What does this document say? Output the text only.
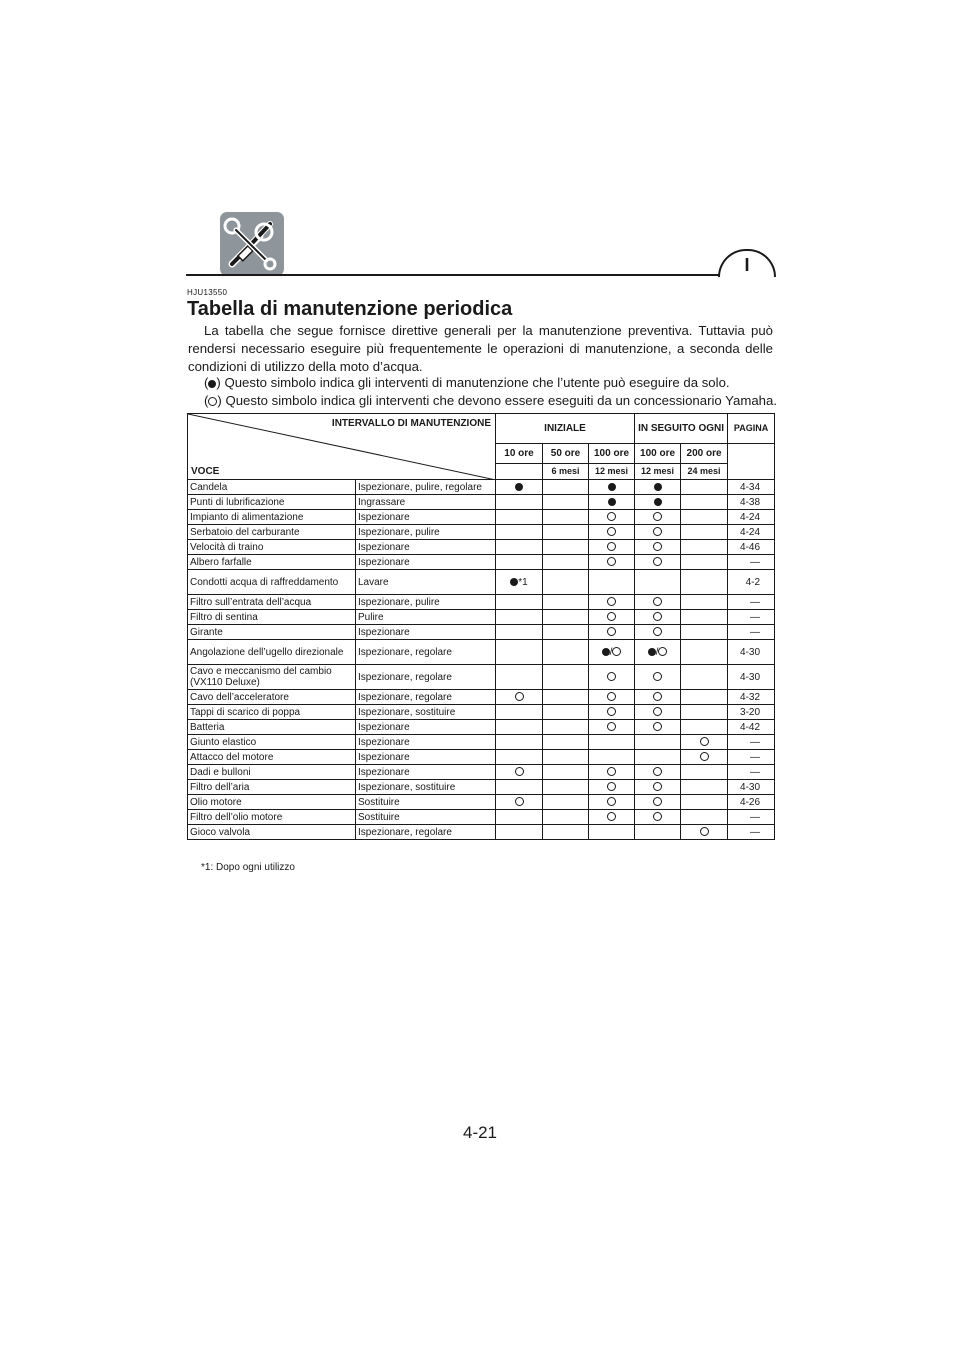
I
HJU13550
Tabella di manutenzione periodica

La tabella che segue fornisce direttive generali per la manutenzione preventiva. Tuttavia può rendersi necessario eseguire più frequentemente le operazioni di manutenzione, a seconda delle condizioni di utilizzo della moto d’acqua.

( ) Questo simbolo indica gli interventi di manutenzione che l’utente può eseguire da solo.

( ) Questo simbolo indica gli interventi che devono essere eseguiti da un concessionario Yamaha.

INTERVALLO DI MANUTENZIONE
VOCE		INIZIALE			IN SEGUITO OGNI		PAGINA
		10 ore	50 ore	100 ore	100 ore	200 ore	
			6 mesi	12 mesi	12 mesi	24 mesi	
Candela	Ispezionare, pulire, regolare						4-34
Punti di lubrificazione	Ingrassare						4-38
Impianto di alimentazione	Ispezionare						4-24
Serbatoio del carburante	Ispezionare, pulire						4-24
Velocità di traino	Ispezionare						4-46
Albero farfalle	Ispezionare						—
Condotti acqua di raffreddamento	Lavare	*1					4-2
Filtro sull’entrata dell’acqua	Ispezionare, pulire						—
Filtro di sentina	Pulire						—
Girante	Ispezionare						—
Angolazione dell’ugello direzionale	Ispezionare, regolare			/	/		4-30
Cavo e meccanismo del cambio (VX110 Deluxe)	Ispezionare, regolare						4-30
Cavo dell’acceleratore	Ispezionare, regolare						4-32
Tappi di scarico di poppa	Ispezionare, sostituire						3-20
Batteria	Ispezionare						4-42
Giunto elastico	Ispezionare						—
Attacco del motore	Ispezionare						—
Dadi e bulloni	Ispezionare						—
Filtro dell’aria	Ispezionare, sostituire						4-30
Olio motore	Sostituire						4-26
Filtro dell’olio motore	Sostituire						—
Gioco valvola	Ispezionare, regolare						—
*1: Dopo ogni utilizzo
4-21
